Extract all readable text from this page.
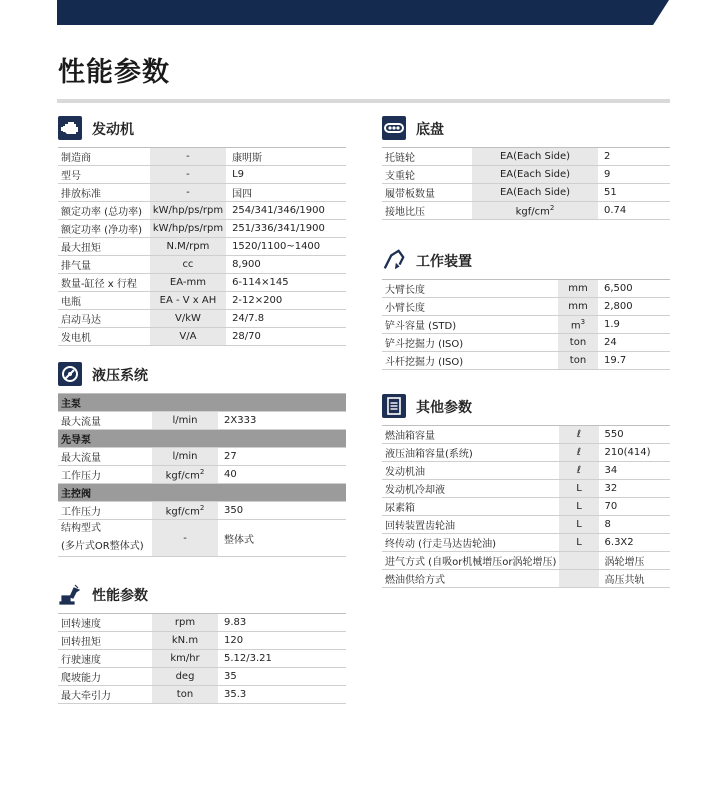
性能参数
发动机
制造商	-	康明斯
型号	-	L9
排放标准	-	国四
额定功率 (总功率)	kW/hp/ps/rpm	254/341/346/1900
额定功率 (净功率)	kW/hp/ps/rpm	251/336/341/1900
最大扭矩	N.M/rpm	1520/1100~1400
排气量	cc	8,900
数量-缸径 x 行程	EA-mm	6-114×145
电瓶	EA - V x AH	2-12×200
启动马达	V/kW	24/7.8
发电机	V/A	28/70
液压系统
主泵		
最大流量	l/min	2X333
先导泵		
最大流量	l/min	27
工作压力	kgf/$cm^2$	40
主控阀		
工作压力	kgf/$cm^2$	350

结构型式
(多片式OR整体式)	-	整体式
性能参数
回转速度	rpm	9.83
回转扭矩	kN.m	120
行驶速度	km/hr	5.12/3.21
爬坡能力	deg	35
最大牵引力	ton	35.3
底盘
托链轮	EA(Each Side)	2
支重轮	EA(Each Side)	9
履带板数量	EA(Each Side)	51
接地比压	kgf/$cm^2$	0.74
工作装置
大臂长度	mm	6,500
小臂长度	mm	2,800
铲斗容量 (STD)	$m^3$	1.9
铲斗挖掘力 (ISO)	ton	24
斗杆挖掘力 (ISO)	ton	19.7
其他参数
燃油箱容量	ℓ	550
液压油箱容量(系统)	ℓ	210(414)
发动机油	ℓ	34
发动机冷却液	L	32
尿素箱	L	70
回转装置齿轮油	L	8
终传动 (行走马达齿轮油)	L	6.3X2
进气方式 (自吸or机械增压or涡轮增压)		涡轮增压
燃油供给方式		高压共轨
